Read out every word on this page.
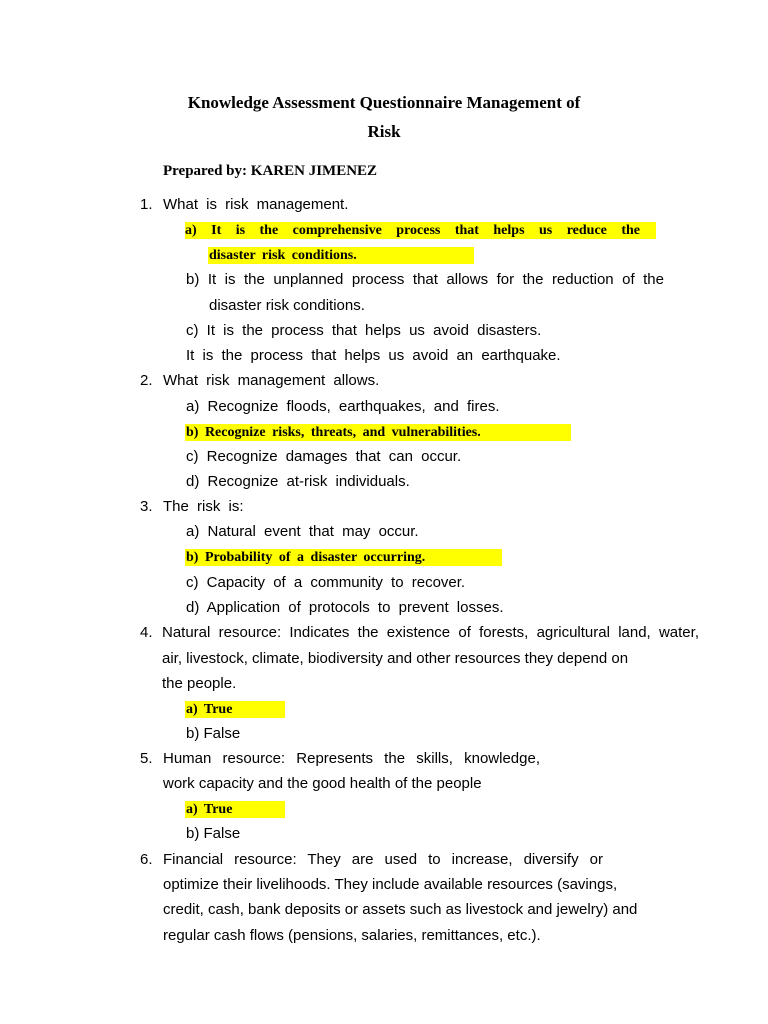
Knowledge Assessment Questionnaire Management of
Risk

Prepared by: KAREN JIMENEZ

1. What is risk management.
a) It is the comprehensive process that helps us reduce the
disaster risk conditions.
b) It is the unplanned process that allows for the reduction of the
disaster risk conditions.
c) It is the process that helps us avoid disasters.
It is the process that helps us avoid an earthquake.
2. What risk management allows.
a) Recognize floods, earthquakes, and fires.
b) Recognize risks, threats, and vulnerabilities.
c) Recognize damages that can occur.
d) Recognize at-risk individuals.
3. The risk is:
a) Natural event that may occur.
b) Probability of a disaster occurring.
c) Capacity of a community to recover.
d) Application of protocols to prevent losses.
4. Natural resource: Indicates the existence of forests, agricultural land, water,
air, livestock, climate, biodiversity and other resources they depend on
the people.
a) True
b) False
5. Human resource: Represents the skills, knowledge,
work capacity and the good health of the people
a) True
b) False
6. Financial resource: They are used to increase, diversify or
optimize their livelihoods. They include available resources (savings,
credit, cash, bank deposits or assets such as livestock and jewelry) and
regular cash flows (pensions, salaries, remittances, etc.).
